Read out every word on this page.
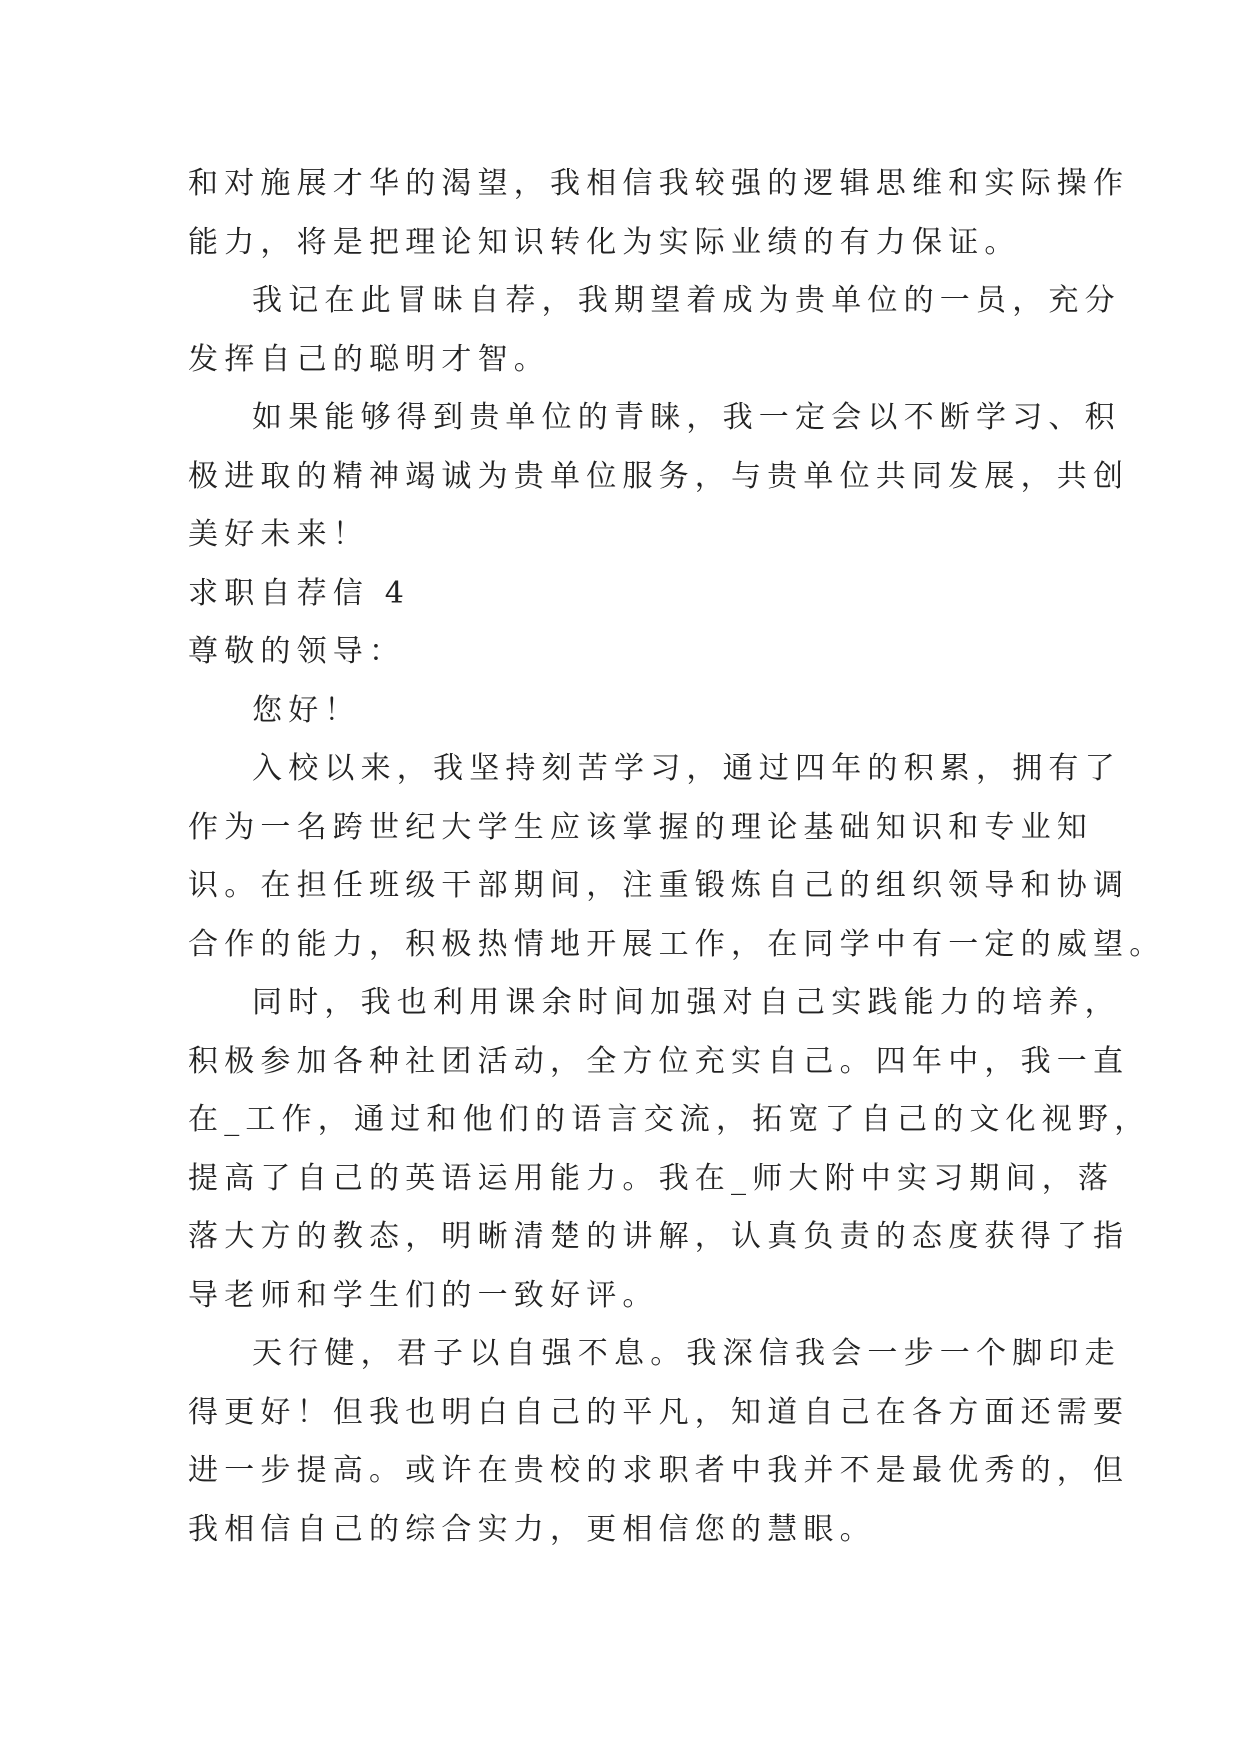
和对施展才华的渴望，我相信我较强的逻辑思维和实际操作
能力，将是把理论知识转化为实际业绩的有力保证。
我记在此冒昧自荐，我期望着成为贵单位的一员，充分
发挥自己的聪明才智。
如果能够得到贵单位的青睐，我一定会以不断学习、积
极进取的精神竭诚为贵单位服务，与贵单位共同发展，共创
美好未来！
求职自荐信 4
尊敬的领导：
您好！
入校以来，我坚持刻苦学习，通过四年的积累，拥有了
作为一名跨世纪大学生应该掌握的理论基础知识和专业知
识。在担任班级干部期间，注重锻炼自己的组织领导和协调
合作的能力，积极热情地开展工作，在同学中有一定的威望。
同时，我也利用课余时间加强对自己实践能力的培养，
积极参加各种社团活动，全方位充实自己。四年中，我一直
在_工作，通过和他们的语言交流，拓宽了自己的文化视野，
提高了自己的英语运用能力。我在_师大附中实习期间，落
落大方的教态，明晰清楚的讲解，认真负责的态度获得了指
导老师和学生们的一致好评。
天行健，君子以自强不息。我深信我会一步一个脚印走
得更好！但我也明白自己的平凡，知道自己在各方面还需要
进一步提高。或许在贵校的求职者中我并不是最优秀的，但
我相信自己的综合实力，更相信您的慧眼。
